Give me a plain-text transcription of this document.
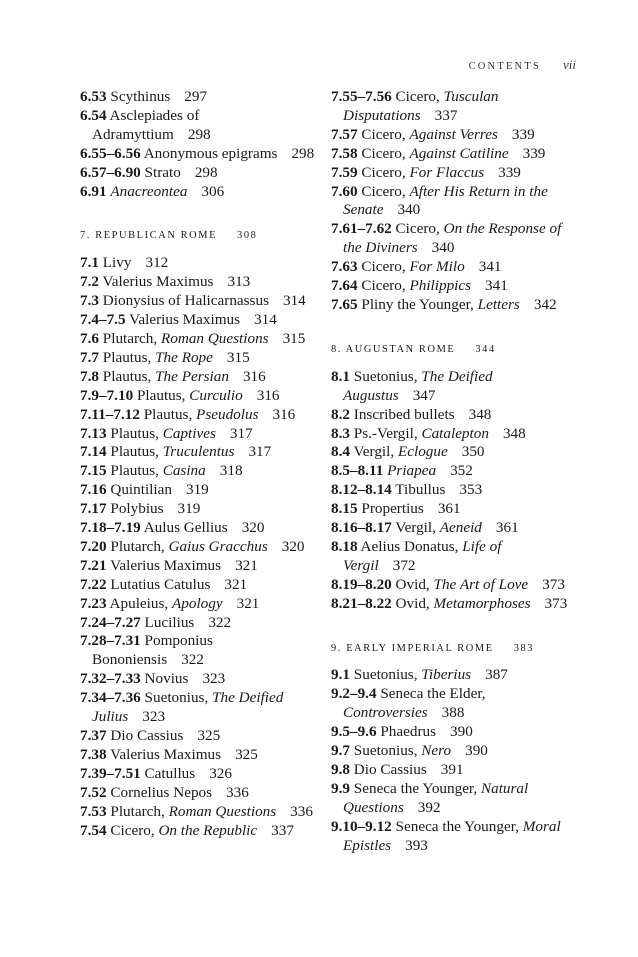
CONTENTS vii
6.53 Scythinus 297
6.54 Asclepiades of Adramyttium 298
6.55–6.56 Anonymous epigrams 298
6.57–6.90 Strato 298
6.91 Anacreontea 306
7. REPUBLICAN ROME 308
7.1 Livy 312
7.2 Valerius Maximus 313
7.3 Dionysius of Halicarnassus 314
7.4–7.5 Valerius Maximus 314
7.6 Plutarch, Roman Questions 315
7.7 Plautus, The Rope 315
7.8 Plautus, The Persian 316
7.9–7.10 Plautus, Curculio 316
7.11–7.12 Plautus, Pseudolus 316
7.13 Plautus, Captives 317
7.14 Plautus, Truculentus 317
7.15 Plautus, Casina 318
7.16 Quintilian 319
7.17 Polybius 319
7.18–7.19 Aulus Gellius 320
7.20 Plutarch, Gaius Gracchus 320
7.21 Valerius Maximus 321
7.22 Lutatius Catulus 321
7.23 Apuleius, Apology 321
7.24–7.27 Lucilius 322
7.28–7.31 Pomponius Bononiensis 322
7.32–7.33 Novius 323
7.34–7.36 Suetonius, The Deified Julius 323
7.37 Dio Cassius 325
7.38 Valerius Maximus 325
7.39–7.51 Catullus 326
7.52 Cornelius Nepos 336
7.53 Plutarch, Roman Questions 336
7.54 Cicero, On the Republic 337
7.55–7.56 Cicero, Tusculan Disputations 337
7.57 Cicero, Against Verres 339
7.58 Cicero, Against Catiline 339
7.59 Cicero, For Flaccus 339
7.60 Cicero, After His Return in the Senate 340
7.61–7.62 Cicero, On the Response of the Diviners 340
7.63 Cicero, For Milo 341
7.64 Cicero, Philippics 341
7.65 Pliny the Younger, Letters 342
8. AUGUSTAN ROME 344
8.1 Suetonius, The Deified Augustus 347
8.2 Inscribed bullets 348
8.3 Ps.-Vergil, Catalepton 348
8.4 Vergil, Eclogue 350
8.5–8.11 Priapea 352
8.12–8.14 Tibullus 353
8.15 Propertius 361
8.16–8.17 Vergil, Aeneid 361
8.18 Aelius Donatus, Life of Vergil 372
8.19–8.20 Ovid, The Art of Love 373
8.21–8.22 Ovid, Metamorphoses 373
9. EARLY IMPERIAL ROME 383
9.1 Suetonius, Tiberius 387
9.2–9.4 Seneca the Elder, Controversies 388
9.5–9.6 Phaedrus 390
9.7 Suetonius, Nero 390
9.8 Dio Cassius 391
9.9 Seneca the Younger, Natural Questions 392
9.10–9.12 Seneca the Younger, Moral Epistles 393
